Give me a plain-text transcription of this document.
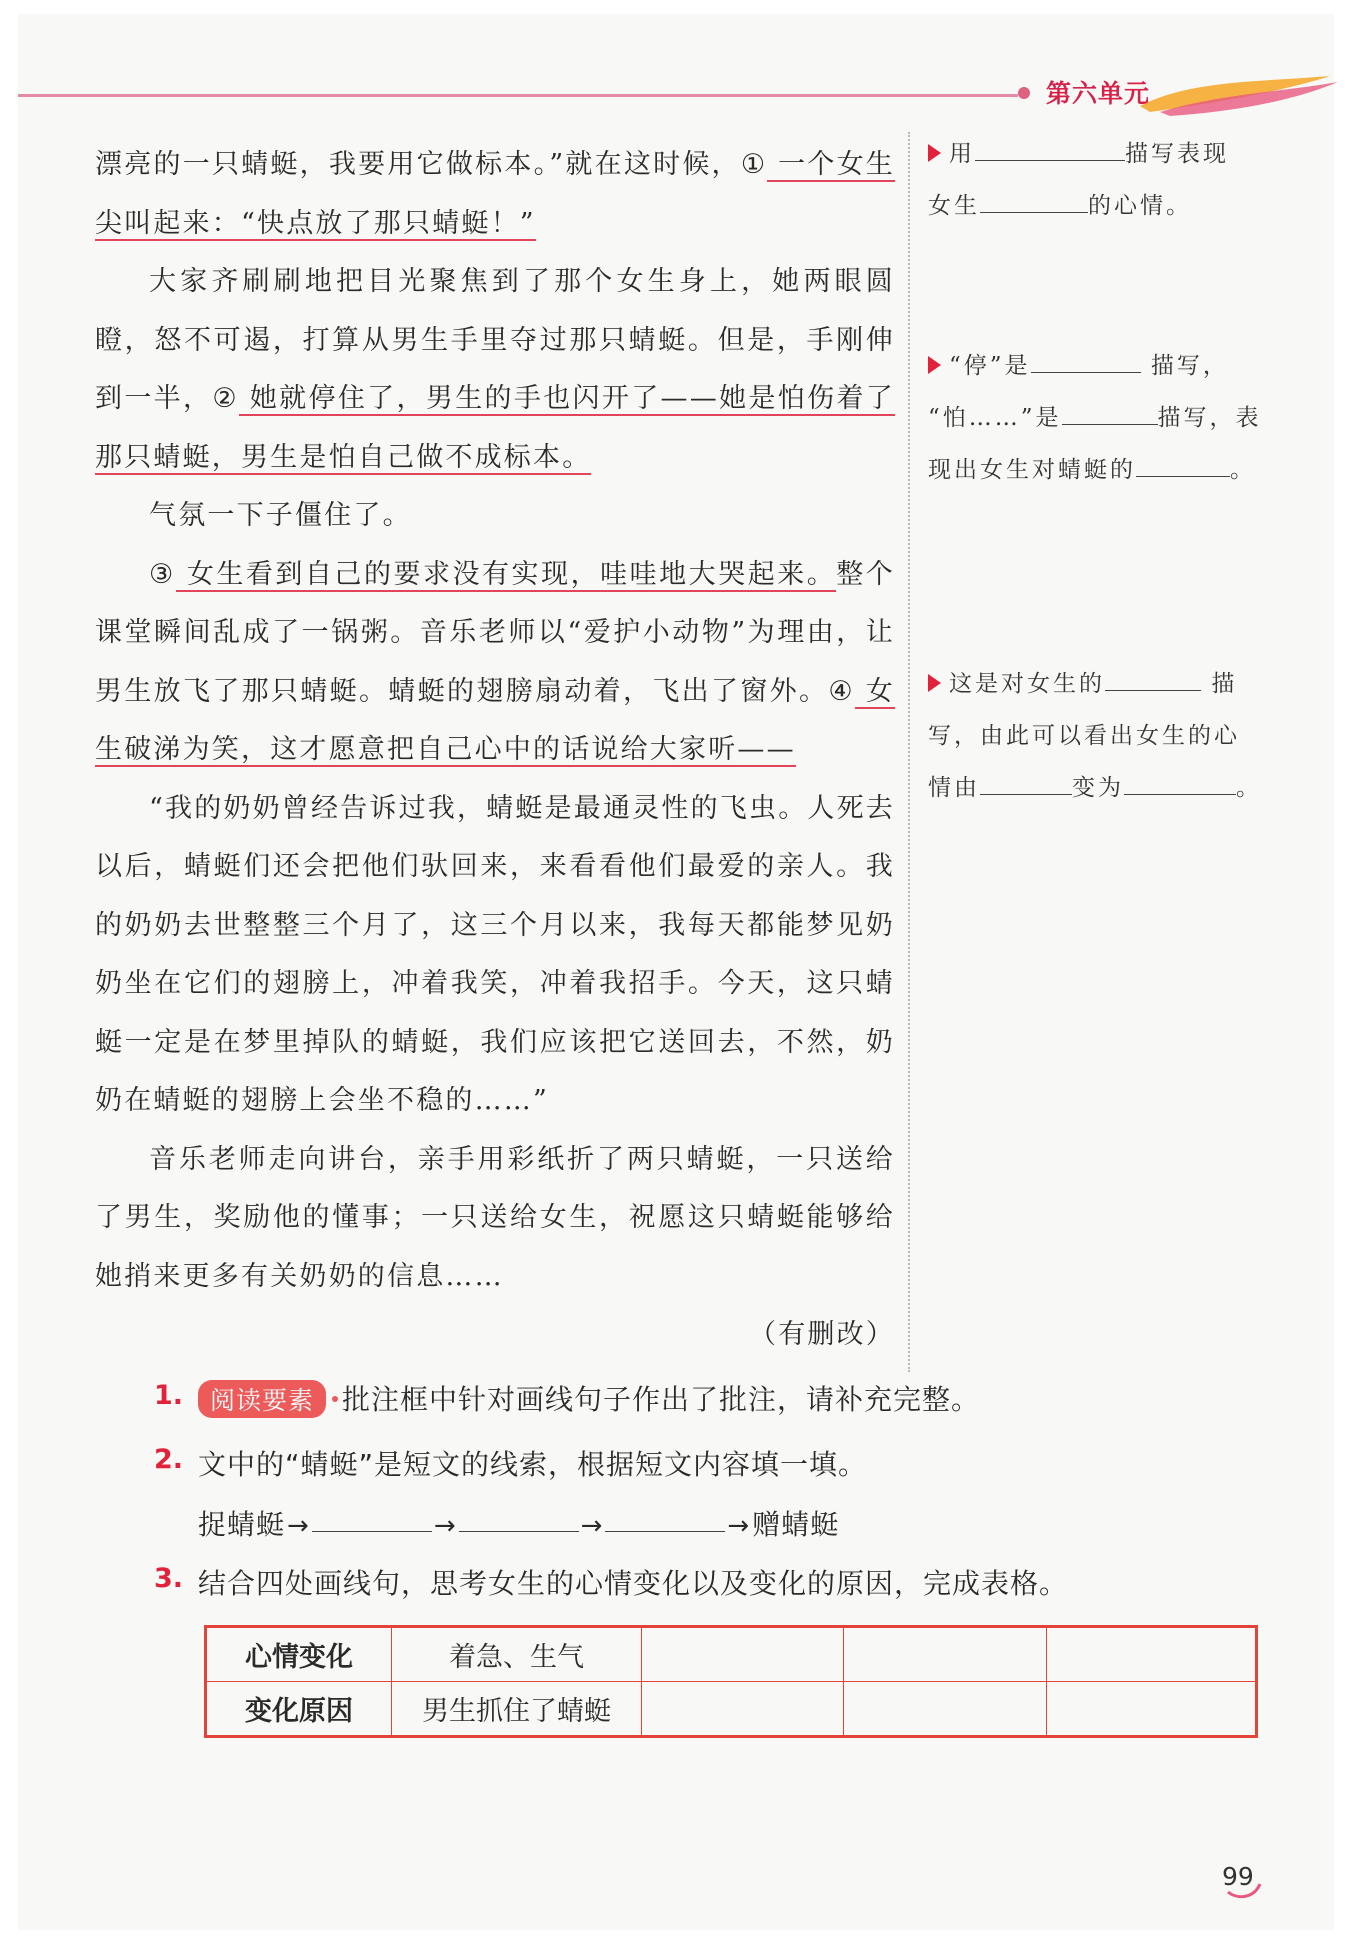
第六单元

漂亮的一只蜻蜓，我要用它做标本。”就在这时候，① 一个女生尖叫起来：“快点放了那只蜻蜓！”

大家齐刷刷地把目光聚焦到了那个女生身上，她两眼圆瞪，怒不可遏，打算从男生手里夺过那只蜻蜓。但是，手刚伸到一半，② 她就停住了，男生的手也闪开了——她是怕伤着了那只蜻蜓，男生是怕自己做不成标本。

气氛一下子僵住了。

③ 女生看到自己的要求没有实现，哇哇地大哭起来。整个课堂瞬间乱成了一锅粥。音乐老师以“爱护小动物”为理由，让男生放飞了那只蜻蜓。蜻蜓的翅膀扇动着，飞出了窗外。④ 女生破涕为笑，这才愿意把自己心中的话说给大家听——

“我的奶奶曾经告诉过我，蜻蜓是最通灵性的飞虫。人死去以后，蜻蜓们还会把他们驮回来，来看看他们最爱的亲人。我的奶奶去世整整三个月了，这三个月以来，我每天都能梦见奶奶坐在它们的翅膀上，冲着我笑，冲着我招手。今天，这只蜻蜓一定是在梦里掉队的蜻蜓，我们应该把它送回去，不然，奶奶在蜻蜓的翅膀上会坐不稳的……”

音乐老师走向讲台，亲手用彩纸折了两只蜻蜓，一只送给了男生，奖励他的懂事；一只送给女生，祝愿这只蜻蜓能够给她捎来更多有关奶奶的信息……

（有删改）

用	描写表现
女生	的心情。
“停”是	描写，
“怕……”是	描写，表
现出女生对蜻蜓的	。
这是对女生的	描
写，由此可以看出女生的心
情由	变为	。
1.	阅读要素 批注框中针对画线句子作出了批注，请补充完整。
2. 文中的“蜻蜓”是短文的线索，根据短文内容填一填。
捉蜻蜓→	→	→	→赠蜻蜓
3. 结合四处画线句，思考女生的心情变化以及变化的原因，完成表格。
心情变化	着急、生气			
变化原因	男生抓住了蜻蜓			
99
